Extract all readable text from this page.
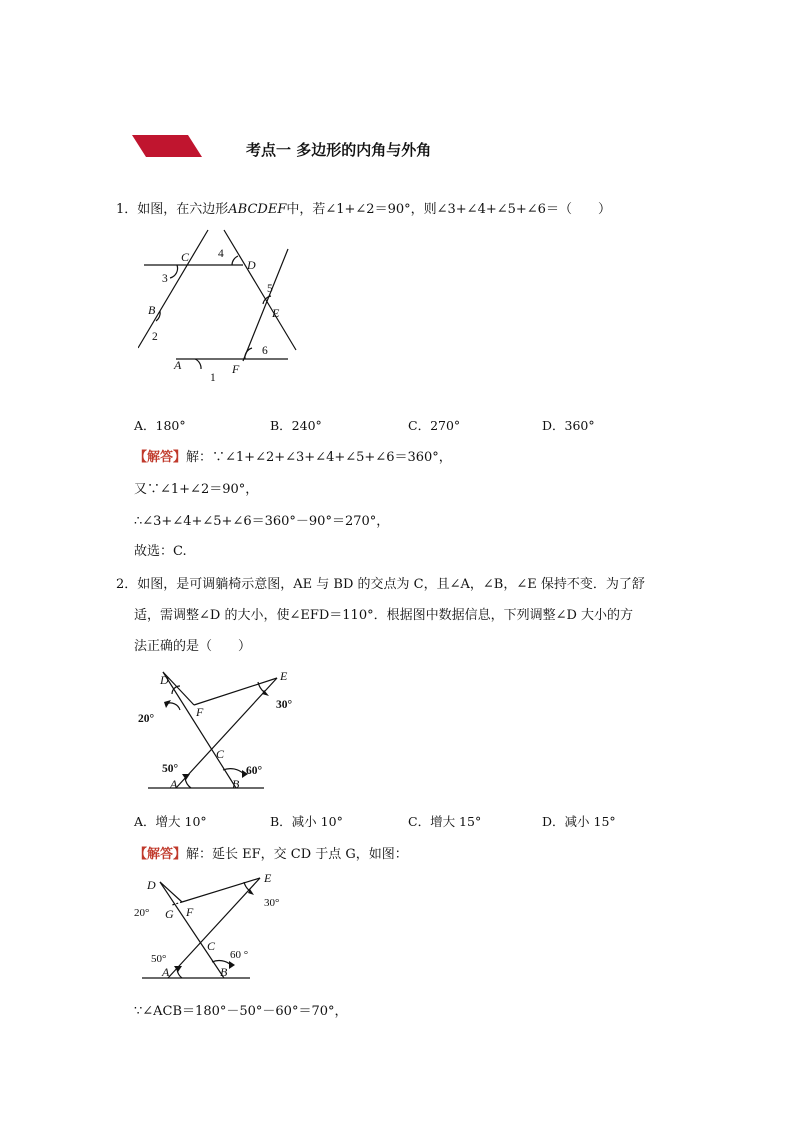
考点一 多边形的内角与外角
1．如图，在六边形ABCDEF中，若∠1+∠2＝90°，则∠3+∠4+∠5+∠6＝（　　）
C
D
E
F
A
B
3
4
5
6
2
1
A．180°	B．240°	C．270°	D．360°
【解答】解：∵∠1+∠2+∠3+∠4+∠5+∠6＝360°，
又∵∠1+∠2＝90°，
∴∠3+∠4+∠5+∠6＝360°－90°＝270°，
故选：C.
2．如图，是可调躺椅示意图，AE 与 BD 的交点为 C，且∠A，∠B，∠E 保持不变．为了舒
适，需调整∠D 的大小，使∠EFD＝110°．根据图中数据信息，下列调整∠D 大小的方
法正确的是（　　）
D	E
F
C
A	B
20°
30°
50°	60°
A．增大 10°	B．减小 10°	C．增大 15°	D．减小 15°
【解答】解：延长 EF，交 CD 于点 G，如图：
D	E
F
G
C
A	B
20°
30°
50°	60 °
∵∠ACB＝180°－50°－60°＝70°，
